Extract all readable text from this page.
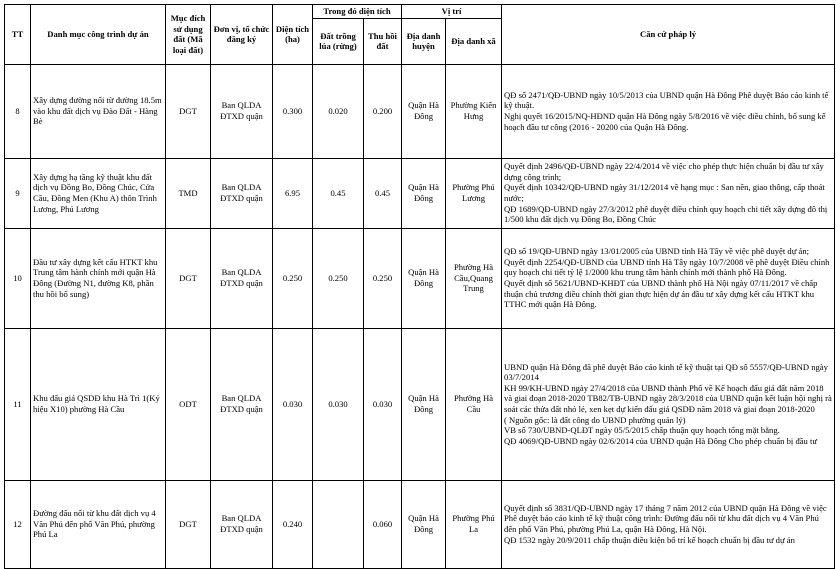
TT	Danh mục công trình dự án	Mục đích sử dụng đất (Mã loại đất)	Đơn vị, tổ chức đăng ký	Diện tích (ha)	Trong đó diện tích		Vị trí		Căn cứ pháp lý
					Đất trồng lúa (rừng)	Thu hồi đất	Địa danh huyện	Địa danh xã	
8	Xây dựng đường nối từ đường 18.5m vào khu đất dịch vụ Đào Đất - Hàng Bè	DGT	Ban QLDA ĐTXD quận	0.300	0.020	0.200	Quận Hà Đông	Phường Kiến Hưng	QĐ số 2471/QĐ-UBND ngày 10/5/2013 của UBND quận Hà Đông Phê duyệt Báo cáo kinh tế kỹ thuật.
Nghị quyết 16/2015/NQ-HĐND quận Hà Đông ngày 5/8/2016 về việc điều chỉnh, bổ sung kế hoạch đầu tư công (2016 - 20200 của Quận Hà Đông.

9	Xây dựng hạ tầng kỹ thuật khu đất dịch vụ Đồng Bo, Đồng Chúc, Cửa Cầu, Đồng Men (Khu A) thôn Trình Lương, Phú Lương	TMD	Ban QLDA ĐTXD quận	6.95	0.45	0.45	Quận Hà Đông	Phường Phú Lương	Quyết định 2496/QĐ-UBND ngày 22/4/2014 về việc cho phép thực hiện chuẩn bị đầu tư xây dựng công trình;
Quyết định 10342/QĐ-UBND ngày 31/12/2014 về hạng mục : San nền, giao thông, cấp thoát nước;
QĐ 1689/QĐ-UBND ngày 27/3/2012 phê duyệt điều chỉnh quy hoạch chi tiết xây dựng đô thị 1/500 khu đất dịch vụ Đồng Bo, Đồng Chúc

10	Đầu tư xây dựng kết cấu HTKT khu Trung tâm hành chính mới quận Hà Đông (Đường N1, đường K8, phần thu hồi bổ sung)	DGT	Ban QLDA ĐTXD quận	0.250	0.250	0.250	Quận Hà Đông	Phường Hà Cầu,Quang Trung	QĐ số 19/QĐ-UBND ngày 13/01/2005 của UBND tỉnh Hà Tây về việc phê duyệt dự án;
Quyết định 2254/QĐ-UBND của UBND tỉnh Hà Tây ngày 10/7/2008 về phê duyệt Điều chỉnh quy hoạch chi tiết tỷ lệ 1/2000 khu trung tâm hành chính mới thành phố Hà Đông.
Quyết định số 5621/UBND-KHĐT của UBND thành phố Hà Nội ngày 07/11/2017 về chấp thuận chủ trương điều chỉnh thời gian thực hiện dự án đầu tư xây dựng kết cấu HTKT khu TTHC mới quận Hà Đông.

11	Khu đấu giá QSDĐ khu Hà Trì 1(Ký hiệu X10) phường Hà Cầu	ODT	Ban QLDA ĐTXD quận	0.030	0.030	0.030	Quận Hà Đông	Phường Hà Cầu	UBND quận Hà Đông đã phê duyệt Báo cáo kinh tế kỹ thuật tại QĐ số 5557/QĐ-UBND ngày 03/7/2014
KH 99/KH-UBND ngày 27/4/2018 của UBND thành Phố về Kế hoạch đấu giá đất năm 2018 và giai đoạn 2018-2020 TB82/TB-UBND ngày 28/3/2018 của UBND quận kết luận hội nghị rà soát các thửa đất nhỏ lẻ, xen kẹt dự kiến đấu giá QSDĐ năm 2018 và giai đoạn 2018-2020
( Nguồn gốc: là đất công do UBND phường quản lý)
VB số 730/UBND-QLĐT ngày 05/5/2015 chấp thuận quy hoạch tổng mặt bằng.
QĐ 4069/QĐ-UBND ngày 02/6/2014 của UBND quận Hà Đông Cho phép chuẩn bị đầu tư

12	Đường đấu nối từ khu đất dịch vụ 4 Văn Phú đến phố Văn Phú, phường Phú La	DGT	Ban QLDA ĐTXD quận	0.240		0.060	Quận Hà Đông	Phường Phú La	Quyết định số 3831/QĐ-UBND ngày 17 tháng 7 năm 2012 của UBND quận Hà Đông về việc Phê duyệt báo cáo kinh tế kỹ thuật công trình: Đường đấu nối từ khu đất dịch vụ 4 Văn Phú đến phố Văn Phú, phường Phú La, quận Hà Đông, Hà Nội.
QĐ 1532 ngày 20/9/2011 chấp thuận điều kiện bổ trí kế hoạch chuẩn bị đầu tư dự án
